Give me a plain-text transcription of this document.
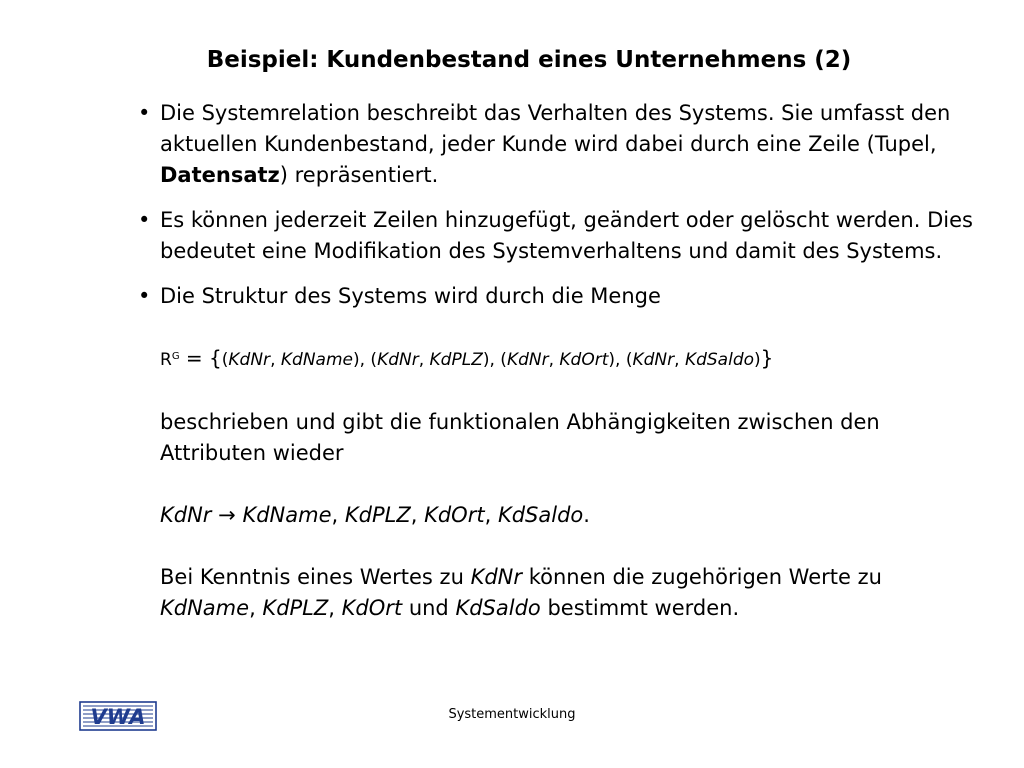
Beispiel: Kundenbestand eines Unternehmens (2)
• Die Systemrelation beschreibt das Verhalten des Systems. Sie umfasst den aktuellen Kundenbestand, jeder Kunde wird dabei durch eine Zeile (Tupel, Datensatz) repräsentiert.
• Es können jederzeit Zeilen hinzugefügt, geändert oder gelöscht werden. Dies bedeutet eine Modifikation des Systemverhaltens und damit des Systems.
• Die Struktur des Systems wird durch die Menge
$R^G$ = {(KdNr, KdName), (KdNr, KdPLZ), (KdNr, KdOrt), (KdNr, KdSaldo)}
beschrieben und gibt die funktionalen Abhängigkeiten zwischen den Attributen wieder
KdNr → KdName, KdPLZ, KdOrt, KdSaldo.
Bei Kenntnis eines Wertes zu KdNr können die zugehörigen Werte zu KdName, KdPLZ, KdOrt und KdSaldo bestimmt werden.
VWA	Systementwicklung
